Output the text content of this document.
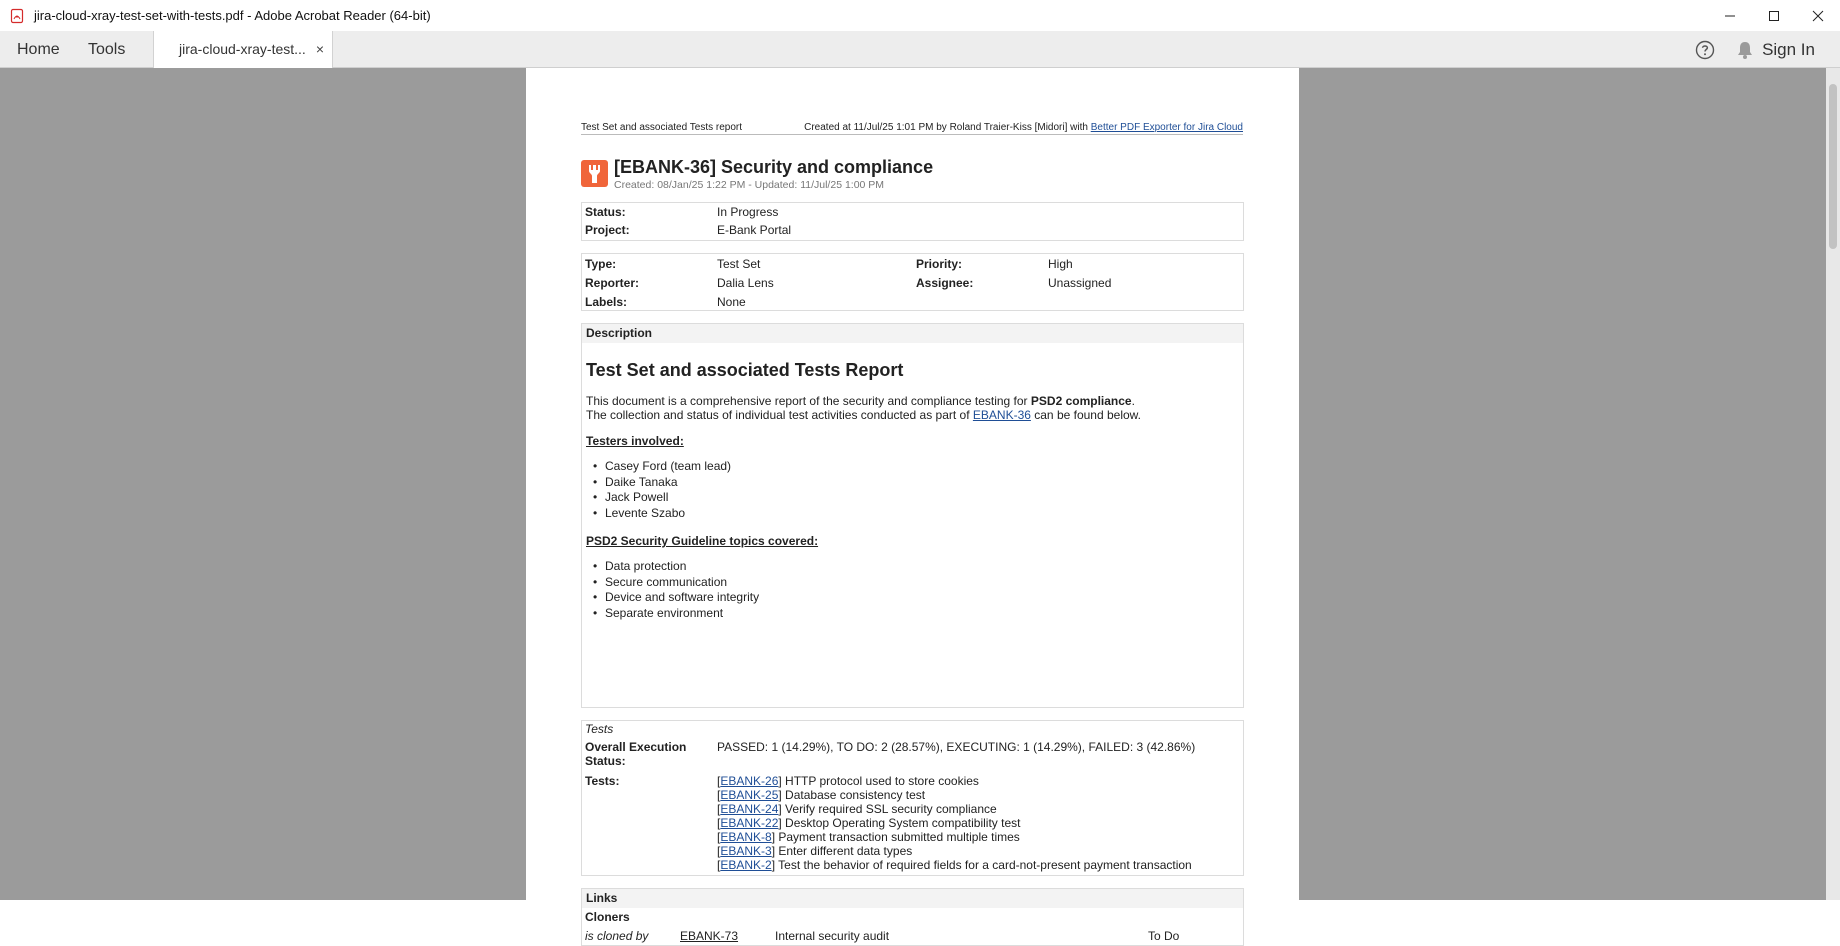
jira-cloud-xray-test-set-with-tests.pdf - Adobe Acrobat Reader (64-bit)
Home Tools	jira-cloud-xray-test... ×	Sign In
Test Set and associated Tests report	Created at 11/Jul/25 1:01 PM by Roland Traier-Kiss [Midori] with Better PDF Exporter for Jira Cloud
[EBANK-36] Security and compliance
Created: 08/Jan/25 1:22 PM - Updated: 11/Jul/25 1:00 PM
Status:	In Progress
Project:	E-Bank Portal
Type:	Test Set	Priority:	High
Reporter:	Dalia Lens	Assignee:	Unassigned
Labels:	None
Description
Test Set and associated Tests Report
This document is a comprehensive report of the security and compliance testing for PSD2 compliance.
The collection and status of individual test activities conducted as part of EBANK-36 can be found below.
Testers involved:
• Casey Ford (team lead)
• Daike Tanaka
• Jack Powell
• Levente Szabo
PSD2 Security Guideline topics covered:
• Data protection
• Secure communication
• Device and software integrity
• Separate environment
Tests
Overall Execution
Status:
PASSED: 1 (14.29%), TO DO: 2 (28.57%), EXECUTING: 1 (14.29%), FAILED: 3 (42.86%)
Tests:	[EBANK-26] HTTP protocol used to store cookies
[EBANK-25] Database consistency test
[EBANK-24] Verify required SSL security compliance
[EBANK-22] Desktop Operating System compatibility test
[EBANK-8] Payment transaction submitted multiple times
[EBANK-3] Enter different data types
[EBANK-2] Test the behavior of required fields for a card-not-present payment transaction
Links
Cloners
is cloned by	EBANK-73	Internal security audit	To Do
